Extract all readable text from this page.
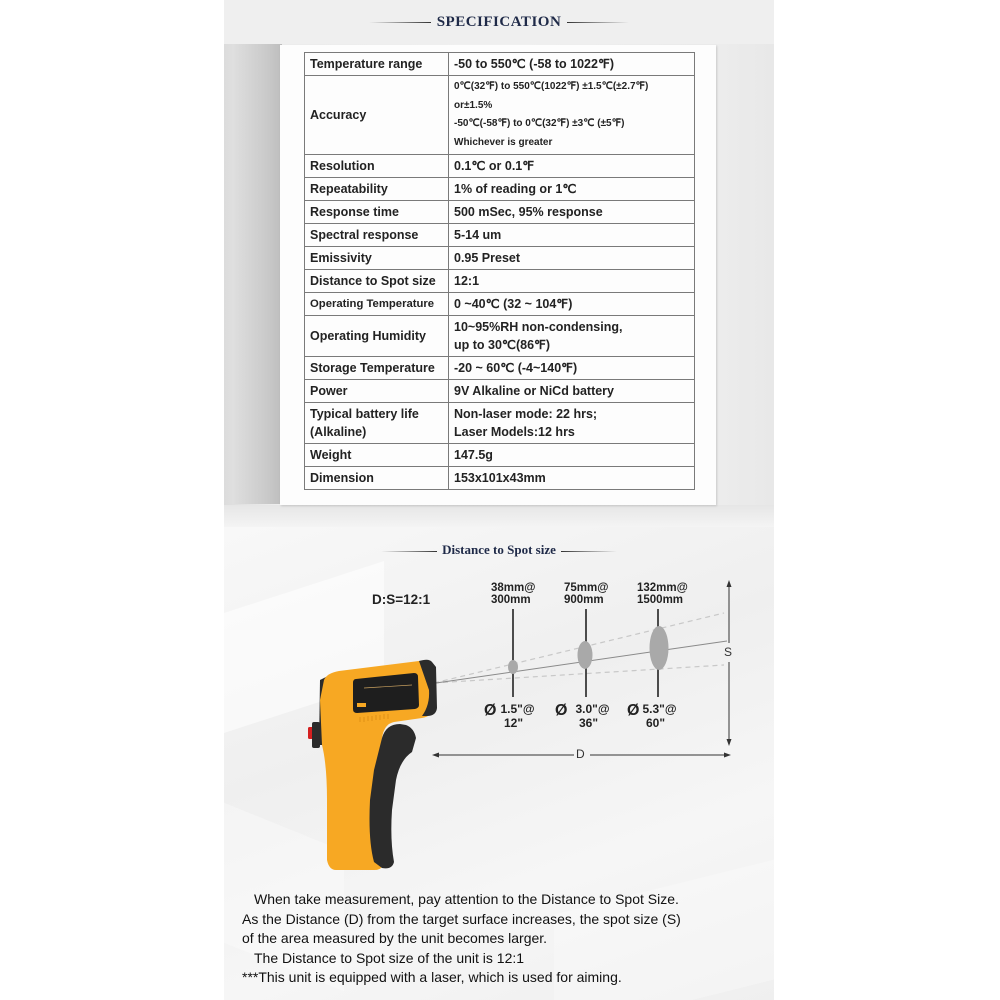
SPECIFICATION
Temperature range	-50 to 550℃ (-58 to 1022℉)
Accuracy	0℃(32℉) to 550℃(1022℉) ±1.5℃(±2.7℉)
or±1.5%
-50℃(-58℉) to 0℃(32℉) ±3℃ (±5℉)
Whichever is greater

Resolution	0.1℃ or 0.1℉
Repeatability	1% of reading or 1℃
Response time	500 mSec, 95% response
Spectral response	5-14 um
Emissivity	0.95 Preset
Distance to Spot size	12:1
Operating Temperature	0 ~40℃ (32 ~ 104℉)
Operating Humidity	10~95%RH non-condensing,
up to 30℃(86℉)

Storage Temperature	-20 ~ 60℃ (-4~140℉)
Power	9V Alkaline or NiCd battery
Typical battery life (Alkaline)	Non-laser mode: 22 hrs;
Laser Models:12 hrs

Weight	147.5g
Dimension	153x101x43mm
Distance to Spot size
D:S=12:1
38mm@
300mm
75mm@
900mm
132mm@
1500mm
Ø 1.5"@
12"
Ø 3.0"@
36"
Ø 5.3"@
60"
S
D

When take measurement, pay attention to the Distance to Spot Size.

As the Distance (D) from the target surface increases, the spot size (S)

of the area measured by the unit becomes larger.

The Distance to Spot size of the unit is 12:1

***This unit is equipped with a laser, which is used for aiming.
